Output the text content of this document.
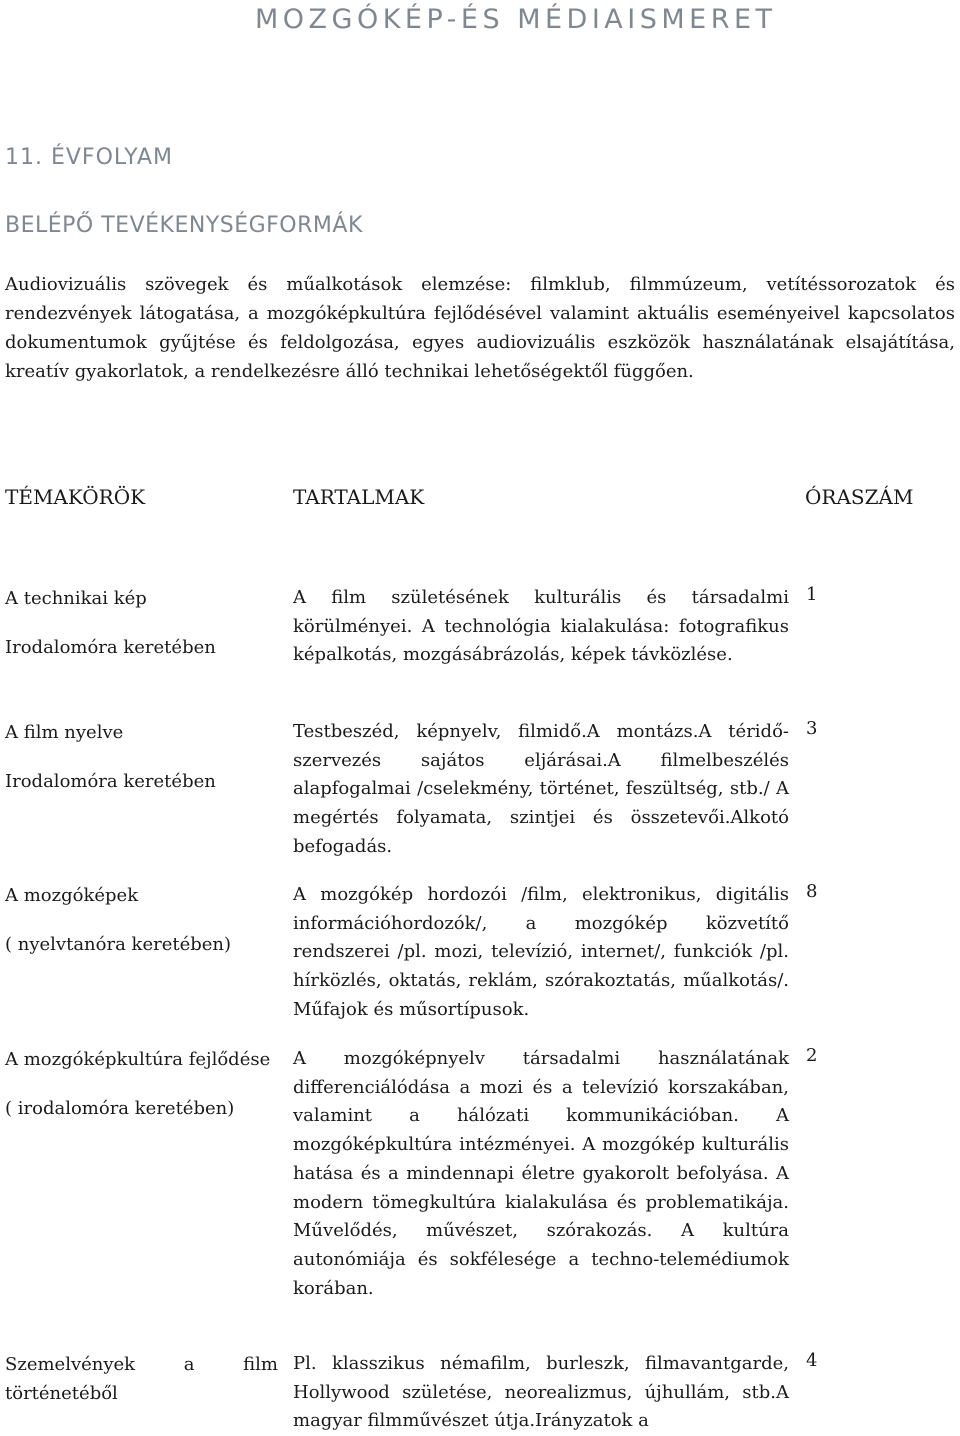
MOZGÓKÉP-ÉS MÉDIAISMERET
11. ÉVFOLYAM
BELÉPŐ TEVÉKENYSÉGFORMÁK
Audiovizuális szövegek és műalkotások elemzése: filmklub, filmmúzeum, vetítéssorozatok és rendezvények látogatása, a mozgóképkultúra fejlődésével valamint aktuális eseményeivel kapcsolatos dokumentumok gyűjtése és feldolgozása, egyes audiovizuális eszközök használatának elsajátítása, kreatív gyakorlatok, a rendelkezésre álló technikai lehetőségektől függően.
TÉMAKÖRÖK	TARTALMAK	ÓRASZÁM

A technikai kép

Irodalomóra keretében

A film születésének kulturális és társadalmi körülményei. A technológia kialakulása: fotografikus képalkotás, mozgásábrázolás, képek távközlése.
1

A film nyelve

Irodalomóra keretében

Testbeszéd, képnyelv, filmidő.A montázs.A téridő-szervezés sajátos eljárásai.A filmelbeszélés alapfogalmai /cselekmény, történet, feszültség, stb./ A megértés folyamata, szintjei és összetevői.Alkotó befogadás.
3

A mozgóképek

( nyelvtanóra keretében)

A mozgókép hordozói /film, elektronikus, digitális információhordozók/, a mozgókép közvetítő rendszerei /pl. mozi, televízió, internet/, funkciók /pl. hírközlés, oktatás, reklám, szórakoztatás, műalkotás/. Műfajok és műsortípusok.
8

A mozgóképkultúra fejlődése

( irodalomóra keretében)

A mozgóképnyelv társadalmi használatának differenciálódása a mozi és a televízió korszakában, valamint a hálózati kommunikációban. A mozgóképkultúra intézményei. A mozgókép kulturális hatása és a mindennapi életre gyakorolt befolyása. A modern tömegkultúra kialakulása és problematikája. Művelődés, művészet, szórakozás. A kultúra autonómiája és sokfélesége a techno-telemédiumok korában.
2

Szemelvények a film történetéből

Pl. klasszikus némafilm, burleszk, filmavantgarde, Hollywood születése, neorealizmus, újhullám, stb.A magyar filmművészet útja.Irányzatok a
4
